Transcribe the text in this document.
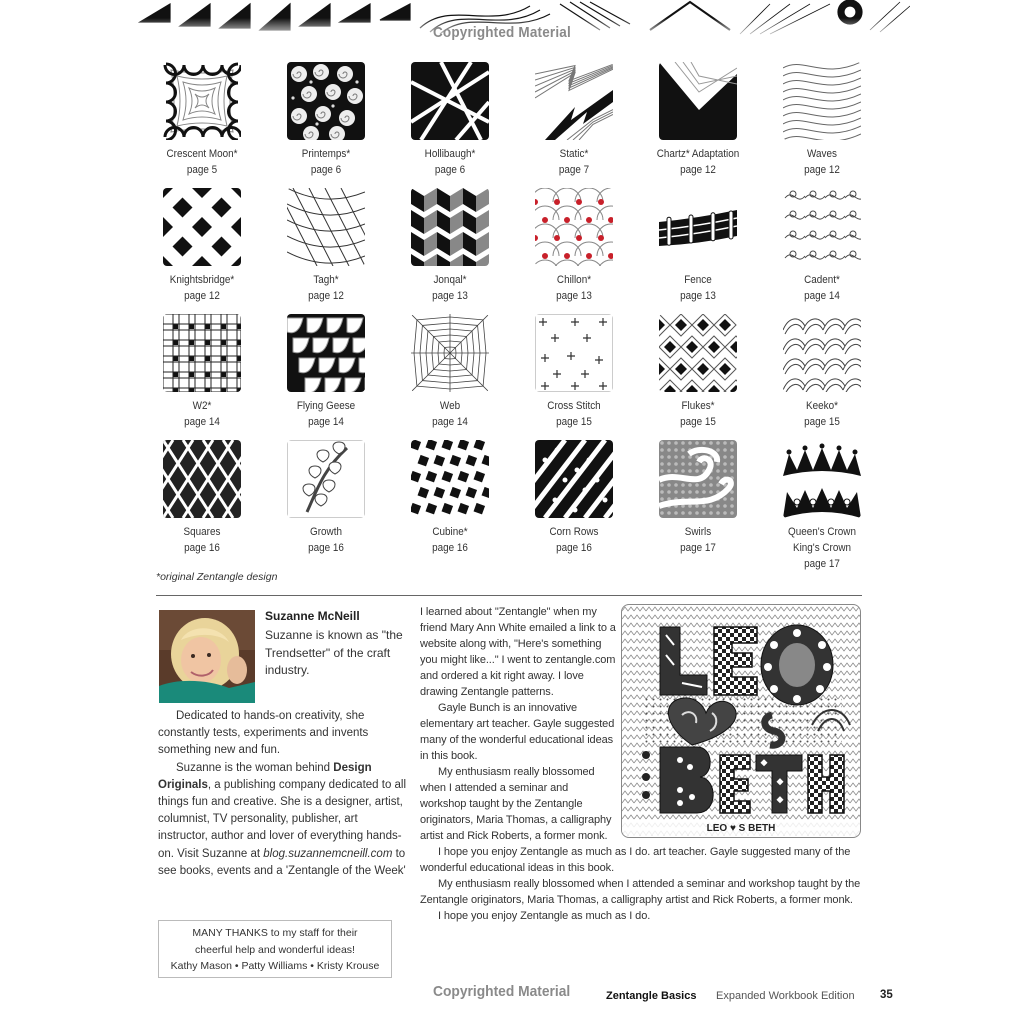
Copyrighted Material
Crescent Moon*
page 5
Printemps*
page 6
Hollibaugh*
page 6
Static*
page 7
Chartz* Adaptation
page 12
Waves
page 12
Knightsbridge*
page 12
Tagh*
page 12
Jonqal*
page 13
Chillon*
page 13
Fence
page 13
Cadent*
page 14
W2*
page 14
Flying Geese
page 14
Web
page 14
Cross Stitch
page 15
Flukes*
page 15
Keeko*
page 15
Squares
page 16
Growth
page 16
Cubine*
page 16
Corn Rows
page 16
Swirls
page 17
Queen's Crown
King's Crown
page 17
*original Zentangle design
Suzanne McNeill
Suzanne is known as "the Trendsetter" of the craft industry.

Dedicated to hands-on creativity, she constantly tests, experiments and invents something new and fun.

Suzanne is the woman behind Design Originals, a publishing company dedicated to all things fun and creative. She is a designer, artist, columnist, TV personality, publisher, art instructor, author and lover of everything hands-on. Visit Suzanne at blog.suzannemcneill.com to see books, events and a 'Zentangle of the Week'

MANY THANKS to my staff for their
cheerful help and wonderful ideas!
Kathy Mason • Patty Williams • Kristy Krouse

I learned about "Zentangle" when my friend Mary Ann White emailed a link to a website along with, "Here's something you might like..." I went to zentangle.com and ordered a kit right away. I love drawing Zentangle patterns.

Gayle Bunch is an innovative elementary art teacher. Gayle suggested many of the wonderful educational ideas in this book.

My enthusiasm really blossomed when I attended a seminar and workshop taught by the Zentangle originators, Maria Thomas, a calligraphy artist and Rick Roberts, a former monk.

I hope you enjoy Zentangle as much as I do. art teacher. Gayle suggested many of the wonderful educational ideas in this book.

My enthusiasm really blossomed when I attended a seminar and workshop taught by the Zentangle originators, Maria Thomas, a calligraphy artist and Rick Roberts, a former monk.

I hope you enjoy Zentangle as much as I do.

LEO ♥ S BETH
Copyrighted Material	Zentangle Basics Expanded Workbook Edition 35
